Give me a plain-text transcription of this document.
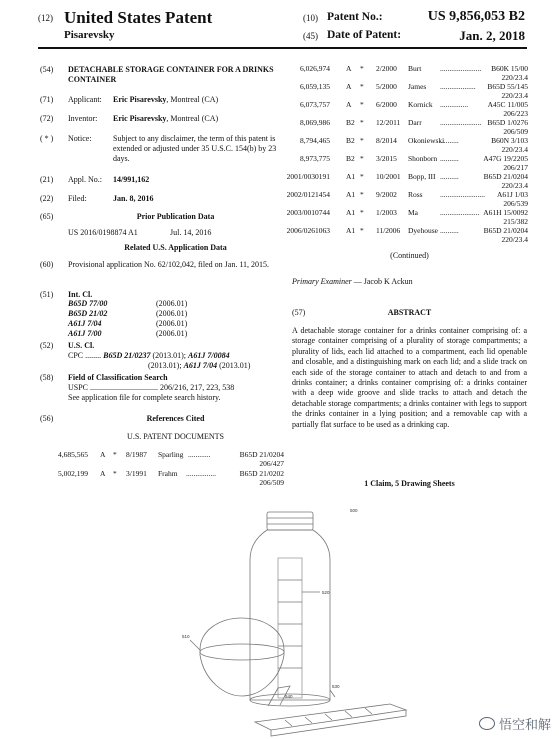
(12) United States Patent
Pisarevsky
(10) Patent No.:	US 9,856,053 B2
(45) Date of Patent:	Jan. 2, 2018
(54) DETACHABLE STORAGE CONTAINER FOR A DRINKS CONTAINER
(71) Applicant: Eric Pisarevsky, Montreal (CA)
(72) Inventor: Eric Pisarevsky, Montreal (CA)
( * ) Notice:	Subject to any disclaimer, the term of this patent is extended or adjusted under 35 U.S.C. 154(b) by 23 days.
(21) Appl. No.: 14/991,162
(22) Filed:	Jan. 8, 2016
(65)	Prior Publication Data
US 2016/0198874 A1	Jul. 14, 2016
Related U.S. Application Data
(60) Provisional application No. 62/102,042, filed on Jan. 11, 2015.
(51) Int. Cl.
B65D 77/00	(2006.01)
B65D 21/02	(2006.01)
A61J 7/04	(2006.01)
A61J 7/00	(2006.01)
(52) U.S. Cl.
CPC ........ B65D 21/0237 (2013.01); A61J 7/0084
(2013.01); A61J 7/04 (2013.01)
(58) Field of Classification Search
USPC .................................. 206/216, 217, 223, 538
See application file for complete search history.
(56)	References Cited
U.S. PATENT DOCUMENTS
4,685,565 A * 8/1987 Sparling ............	B65D 21/0204
206/427
5,002,199 A * 3/1991 Frahm ................	B65D 21/0202
206/509
6,026,974 A * 2/2000 Burt ...................... B60K 15/00
220/23.4
6,059,135 A * 5/2000 James ................... B65D 55/145
220/23.4
6,073,757 A * 6/2000 Kornick ...............	A45C 11/005
206/223
8,069,986 B2 * 12/2011 Darr ...................... B65D 1/0276
206/509
8,794,465 B2 * 8/2014 Okoniewski
..........	B60N 3/103
220/23.4
8,973,775 B2 * 3/2015 Shonborn ..........	A47G 19/2205
206/217
2001/0030191 A1 * 10/2001 Bopp, III ..........	B65D 21/0204
220/23.4
2002/0121454 A1 * 9/2002 Ross ........................ A61J 1/03
206/539
2003/0010744 A1 * 1/2003 Ma	..................... A61H 15/0092
215/382
2006/0261063 A1 * 11/2006 Dyehouse ..........	B65D 21/0204
220/23.4
(Continued)
Primary Examiner — Jacob K Ackun
(57)	ABSTRACT
A detachable storage container for a drinks container comprising of: a storage container comprising of a plurality of storage compartments; a plurality of lids, each lid attached to a compartment, each lid openable and closable, and a distinguishing mark on each lid; and a slide track on each side of the storage container to attach and detach to and from a drinks container; a drinks container comprising of: a drinks container with a deep wide groove and slide tracks to attach and detach the detachable storage compartments; a drinks container with legs to support the drinks container in a lying position; and a removable cap with a partially flat surface to be used as a drinking cap.
1 Claim, 5 Drawing Sheets
500
540
510
520
530
悟空和解
